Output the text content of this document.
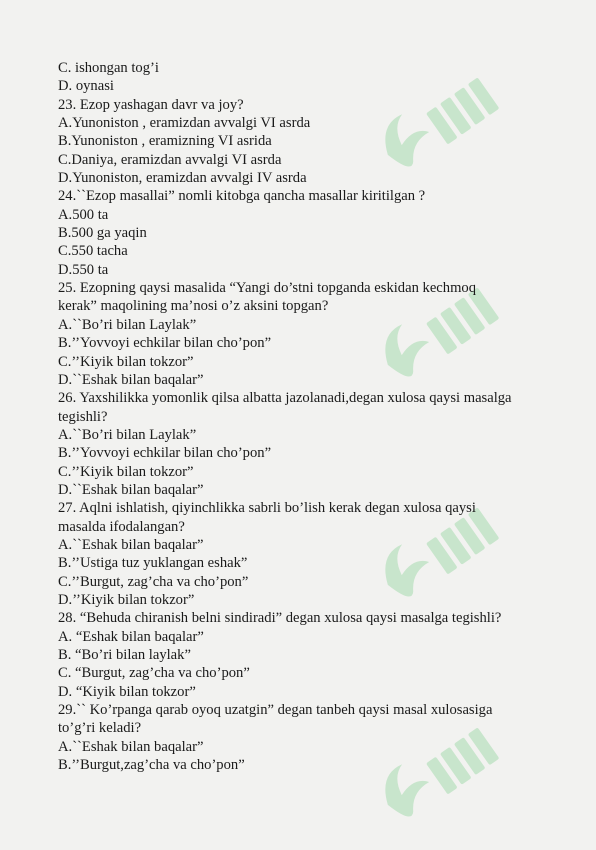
C. ishongan tog’i

D. oynasi

23. Ezop yashagan davr va joy?

A.Yunoniston , eramizdan avvalgi VI asrda

B.Yunoniston , eramizning VI asrida

C.Daniya, eramizdan avvalgi VI asrda

D.Yunoniston, eramizdan avvalgi IV asrda

24.``Ezop masallai” nomli kitobga qancha masallar kiritilgan ?

A.500 ta

B.500 ga yaqin

C.550 tacha

D.550 ta

25. Ezopning qaysi masalida “Yangi do’stni topganda eskidan kechmoq

kerak” maqolining ma’nosi o’z aksini topgan?

A.``Bo’ri bilan Laylak”

B.’’Yovvoyi echkilar bilan cho’pon”

C.’’Kiyik bilan tokzor”

D.``Eshak bilan baqalar”

26. Yaxshilikka yomonlik qilsa albatta jazolanadi,degan xulosa qaysi masalga

tegishli?

A.``Bo’ri bilan Laylak”

B.’’Yovvoyi echkilar bilan cho’pon”

C.’’Kiyik bilan tokzor”

D.``Eshak bilan baqalar”

27. Aqlni ishlatish, qiyinchlikka sabrli bo’lish kerak degan xulosa qaysi

masalda ifodalangan?

A.``Eshak bilan baqalar”

B.’’Ustiga tuz yuklangan eshak”

C.’’Burgut, zag’cha va cho’pon”

D.’’Kiyik bilan tokzor”

28. “Behuda chiranish belni sindiradi” degan xulosa qaysi masalga tegishli?

A. “Eshak bilan baqalar”

B. “Bo’ri bilan laylak”

C. “Burgut, zag’cha va cho’pon”

D. “Kiyik bilan tokzor”

29.`` Ko’rpanga qarab oyoq uzatgin” degan tanbeh qaysi masal xulosasiga

to’g’ri keladi?

A.``Eshak bilan baqalar”

B.’’Burgut,zag’cha va cho’pon”
